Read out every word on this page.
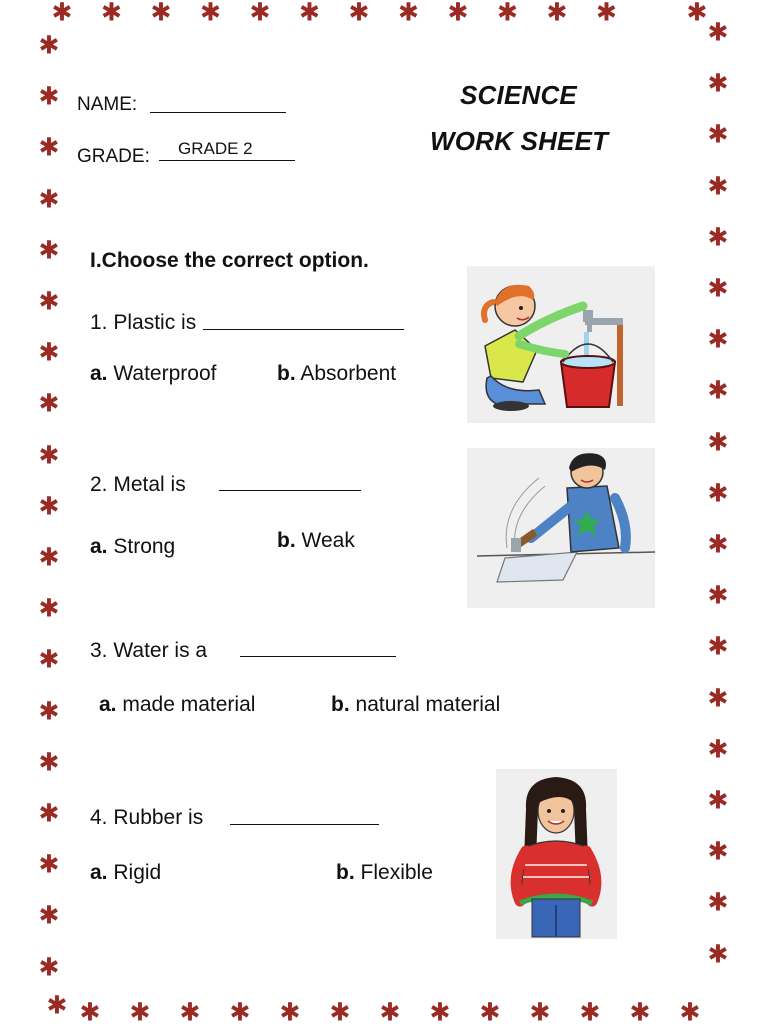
✱ ✱ ✱ ✱ ✱ ✱ ✱ ✱ ✱ ✱ ✱ ✱	✱
✱ ✱ ✱ ✱ ✱ ✱ ✱ ✱ ✱ ✱ ✱ ✱ ✱
✱
✱
✱
✱
✱
✱
✱
✱
✱
✱
✱
✱
✱
✱
✱
✱
✱
✱
✱
✱
✱
✱
✱
✱
✱
✱
✱
✱
✱
✱
✱
✱
✱
✱
✱
✱
✱
✱
✱
NAME:
GRADE: GRADE 2
SCIENCE
WORK SHEET
I.Choose the correct option.
1. Plastic is
a. Waterproof	b. Absorbent
2. Metal is
a. Strong	b. Weak
3. Water is a
a. made material	b. natural material
4. Rubber is
a. Rigid	b. Flexible
